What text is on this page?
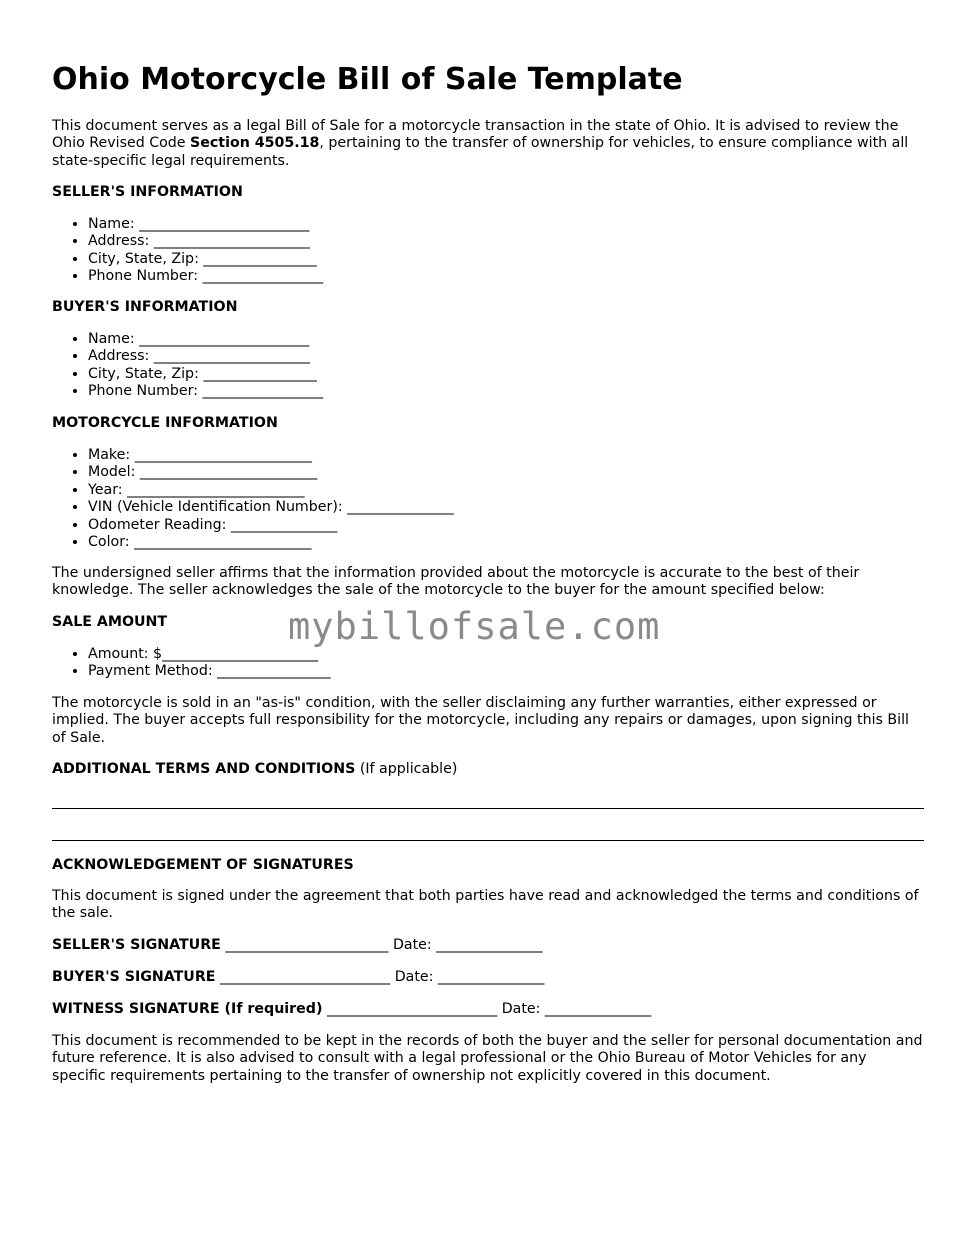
Ohio Motorcycle Bill of Sale Template

This document serves as a legal Bill of Sale for a motorcycle transaction in the state of Ohio. It is advised to review the Ohio Revised Code Section 4505.18, pertaining to the transfer of ownership for vehicles, to ensure compliance with all state-specific legal requirements.

SELLER'S INFORMATION

• Name: ________________________
• Address: ______________________
• City, State, Zip: ________________
• Phone Number: _________________

BUYER'S INFORMATION

• Name: ________________________
• Address: ______________________
• City, State, Zip: ________________
• Phone Number: _________________

MOTORCYCLE INFORMATION

• Make: _________________________
• Model: _________________________
• Year: _________________________
• VIN (Vehicle Identification Number): _______________
• Odometer Reading: _______________
• Color: _________________________

The undersigned seller affirms that the information provided about the motorcycle is accurate to the best of their knowledge. The seller acknowledges the sale of the motorcycle to the buyer for the amount specified below:

SALE AMOUNT

• Amount: $______________________
• Payment Method: ________________

The motorcycle is sold in an "as-is" condition, with the seller disclaiming any further warranties, either expressed or implied. The buyer accepts full responsibility for the motorcycle, including any repairs or damages, upon signing this Bill of Sale.

ADDITIONAL TERMS AND CONDITIONS (If applicable)

ACKNOWLEDGEMENT OF SIGNATURES

This document is signed under the agreement that both parties have read and acknowledged the terms and conditions of the sale.

SELLER'S SIGNATURE _______________________ Date: _______________

BUYER'S SIGNATURE ________________________ Date: _______________

WITNESS SIGNATURE (If required) ________________________ Date: _______________

This document is recommended to be kept in the records of both the buyer and the seller for personal documentation and future reference. It is also advised to consult with a legal professional or the Ohio Bureau of Motor Vehicles for any specific requirements pertaining to the transfer of ownership not explicitly covered in this document.

mybillofsale.com
